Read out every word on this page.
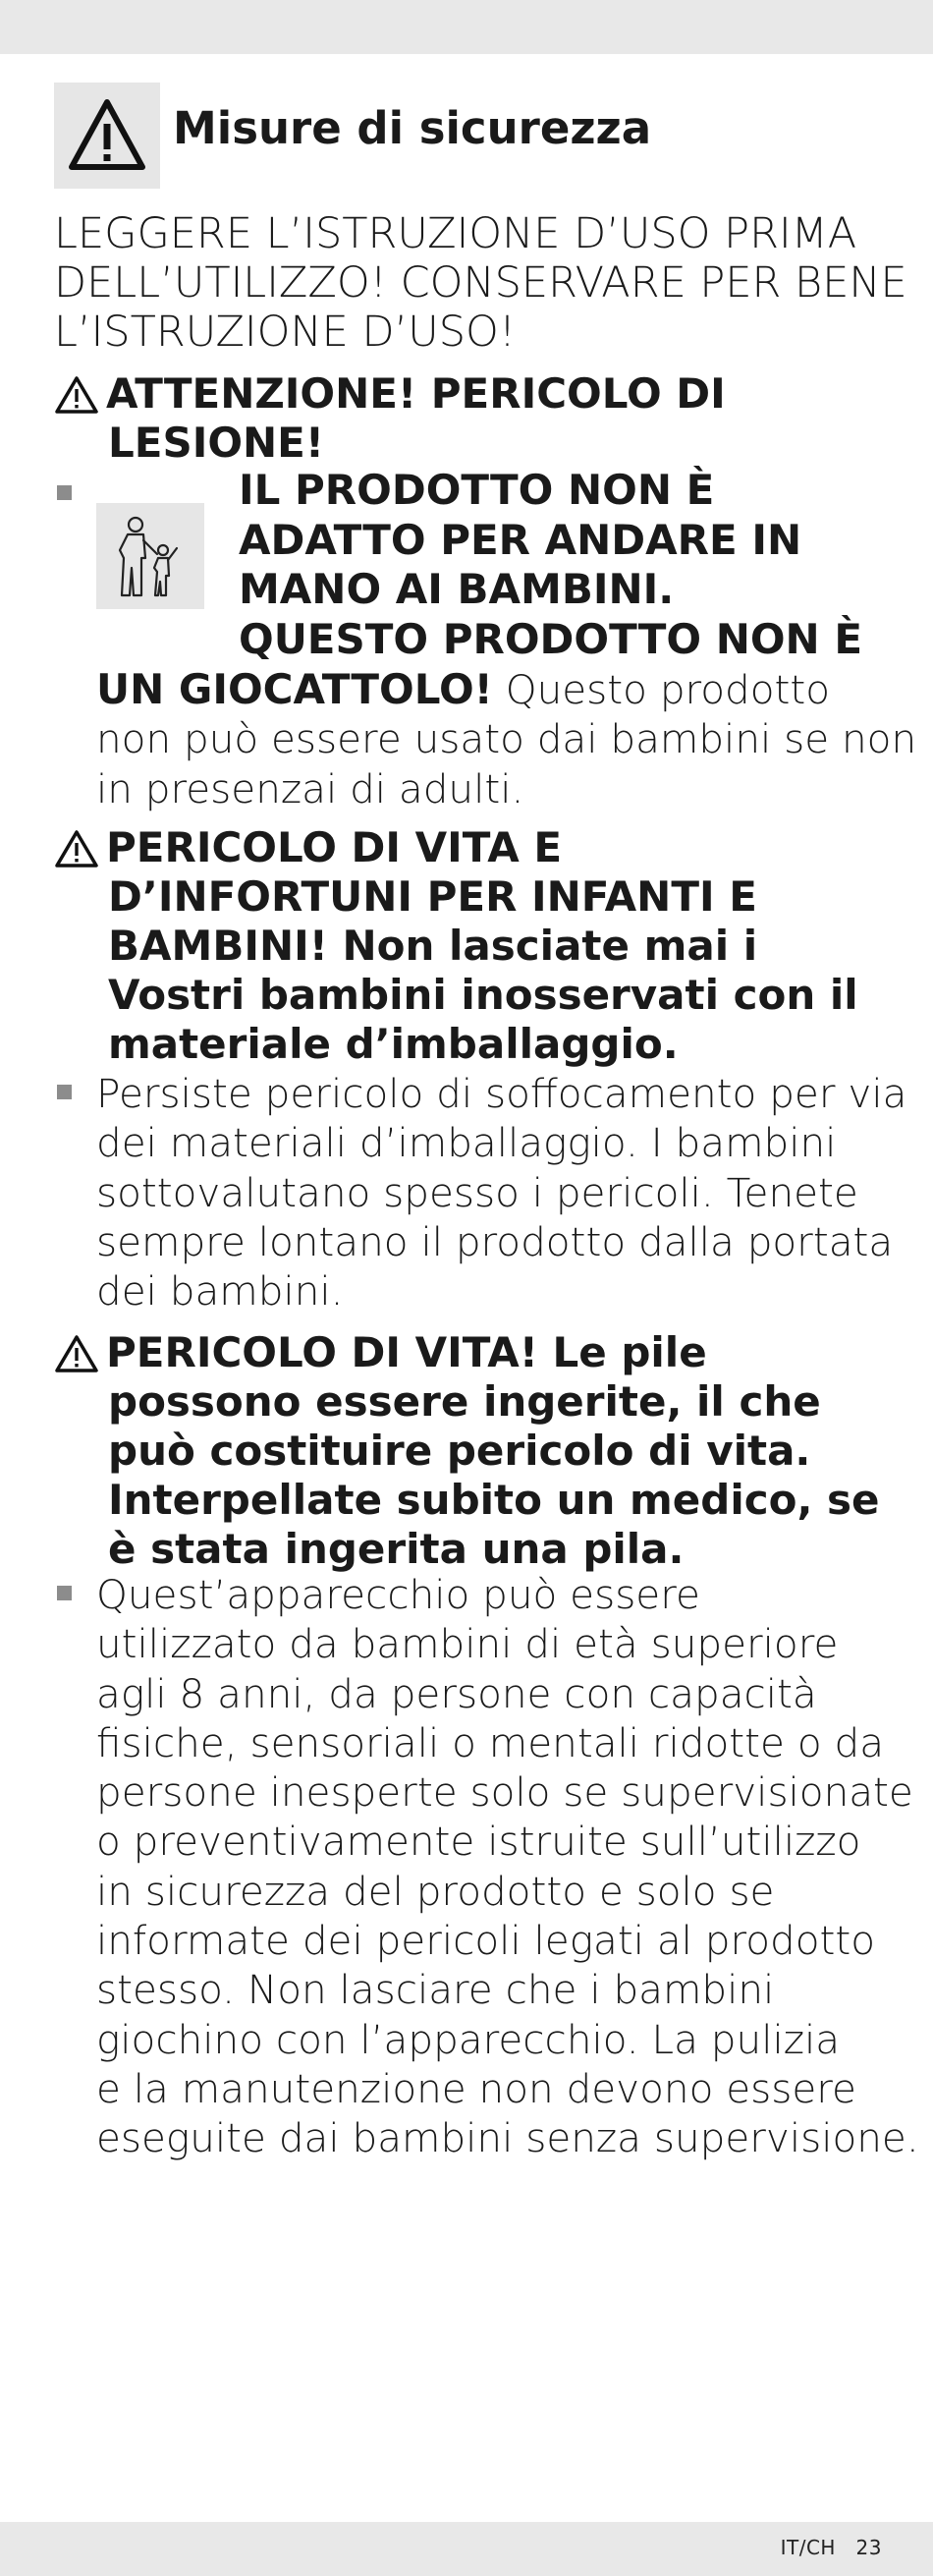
Misure di sicurezza
LEGGERE L’ISTRUZIONE D’USO PRIMA
DELL’UTILIZZO! CONSERVARE PER BENE
L’ISTRUZIONE D’USO!
ATTENZIONE! PERICOLO DI
LESIONE!
IL PRODOTTO NON È
ADATTO PER ANDARE IN
MANO AI BAMBINI.
QUESTO PRODOTTO NON È
UN GIOCATTOLO! Questo prodotto
non può essere usato dai bambini se non
in presenzai di adulti.
PERICOLO DI VITA E
D’INFORTUNI PER INFANTI E
BAMBINI! Non lasciate mai i
Vostri bambini inosservati con il
materiale d’imballaggio.
Persiste pericolo di soffocamento per via
dei materiali d’imballaggio. I bambini
sottovalutano spesso i pericoli. Tenete
sempre lontano il prodotto dalla portata
dei bambini.
PERICOLO DI VITA! Le pile
possono essere ingerite, il che
può costituire pericolo di vita.
Interpellate subito un medico, se
è stata ingerita una pila.
Quest’apparecchio può essere
utilizzato da bambini di età superiore
agli 8 anni, da persone con capacità
fisiche, sensoriali o mentali ridotte o da
persone inesperte solo se supervisionate
o preventivamente istruite sull’utilizzo
in sicurezza del prodotto e solo se
informate dei pericoli legati al prodotto
stesso. Non lasciare che i bambini
giochino con l’apparecchio. La pulizia
e la manutenzione non devono essere
eseguite dai bambini senza supervisione.
IT/CH 23
